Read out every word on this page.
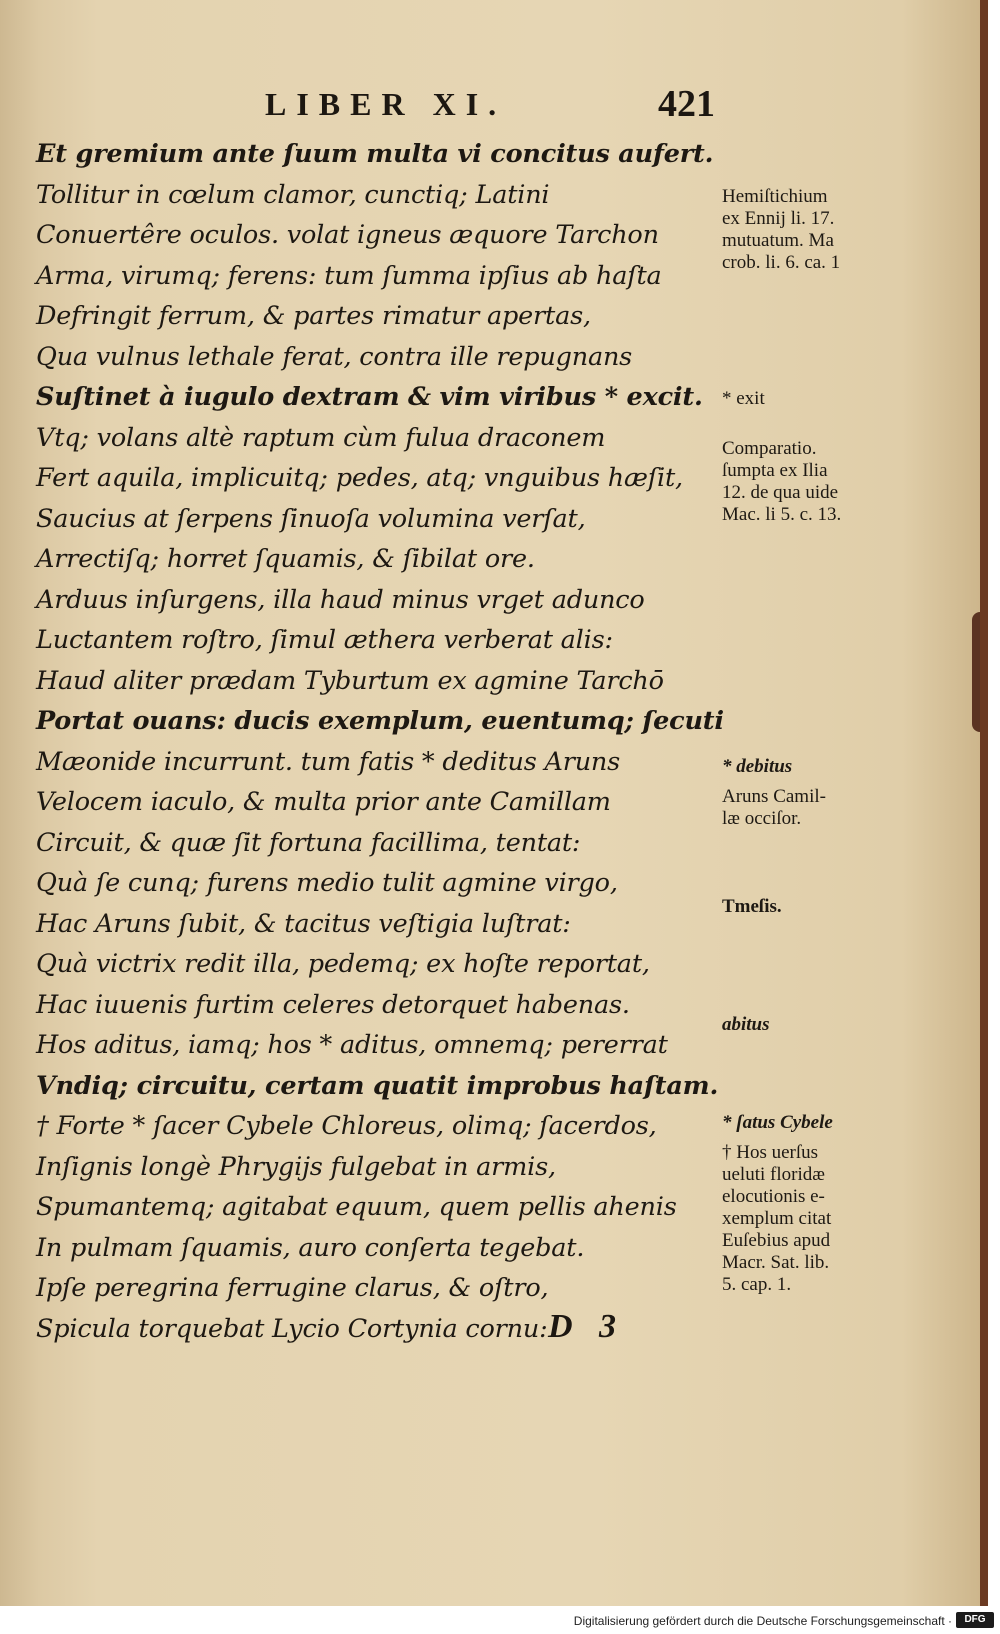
LIBER XI.	421
Et gremium ante ſuum multa vi concitus aufert.
Tollitur in cœlum clamor, cunctiq; Latini
Conuertêre oculos. volat igneus æquore Tarchon
Arma, virumq; ferens: tum ſumma ipſius ab haſta
Defringit ferrum, & partes rimatur apertas,
Qua vulnus lethale ferat, contra ille repugnans
Suſtinet à iugulo dextram & vim viribus * excit.
Vtq; volans altè raptum cùm fulua draconem
Fert aquila, implicuitq; pedes, atq; vnguibus hæſit,
Saucius at ſerpens ſinuoſa volumina verſat,
Arrectiſq; horret ſquamis, & ſibilat ore.
Arduus inſurgens, illa haud minus vrget adunco
Luctantem roſtro, ſimul æthera verberat alis:
Haud aliter prædam Tyburtum ex agmine Tarchō
Portat ouans: ducis exemplum, euentumq; ſecuti
Mæonide incurrunt. tum fatis * deditus Aruns
Velocem iaculo, & multa prior ante Camillam
Circuit, & quæ ſit fortuna facillima, tentat:
Quà ſe cunq; furens medio tulit agmine virgo,
Hac Aruns ſubit, & tacitus veſtigia luſtrat:
Quà victrix redit illa, pedemq; ex hoſte reportat,
Hac iuuenis furtim celeres detorquet habenas.
Hos aditus, iamq; hos * aditus, omnemq; pererrat
Vndiq; circuitu, certam quatit improbus haſtam.
† Forte * ſacer Cybele Chloreus, olimq; ſacerdos,
Inſignis longè Phrygijs fulgebat in armis,
Spumantemq; agitabat equum, quem pellis ahenis
In pulmam ſquamis, auro conſerta tegebat.
Ipſe peregrina ferrugine clarus, & oſtro,
Spicula torquebat Lycio Cortynia cornu:
Hemiſtichium
ex Ennij li. 17.
mutuatum. Ma
crob. li. 6. ca. 1
* exit
Comparatio.
ſumpta ex Ilia
12. de qua uide
Mac. li 5. c. 13.
* debitus
Aruns Camil-
læ occiſor.
Tmeſis.
abitus
* ſatus Cybele
† Hos uerſus
ueluti floridæ
elocutionis e-
xemplum citat
Euſebius apud
Macr. Sat. lib.
5. cap. 1.
D 3
Digitalisierung gefördert durch die Deutsche Forschungsgemeinschaft ·	DFG
